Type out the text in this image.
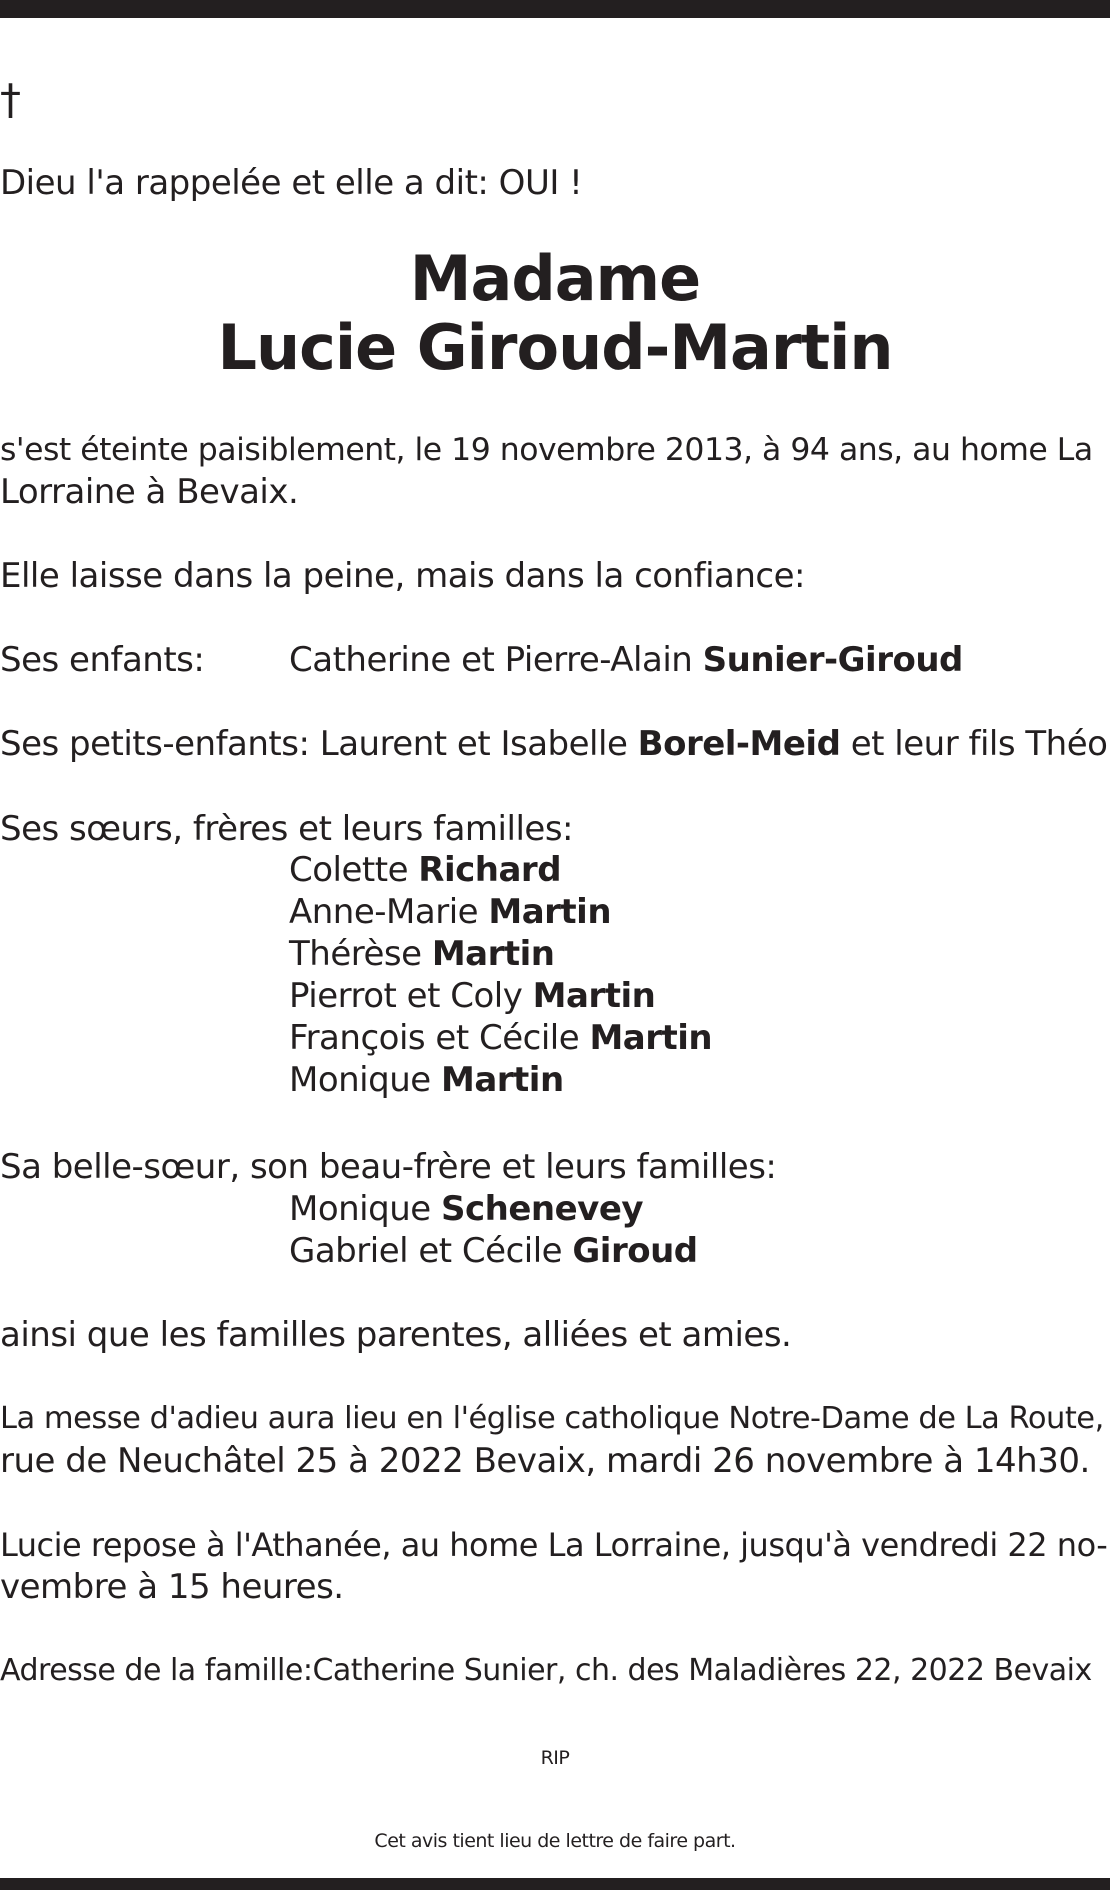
†
Dieu l'a rappelée et elle a dit: OUI !
Madame
Lucie Giroud-Martin
s'est éteinte paisiblement, le 19 novembre 2013, à 94 ans, au home La
Lorraine à Bevaix.
Elle laisse dans la peine, mais dans la confiance:
Ses enfants: Catherine et Pierre-Alain Sunier-Giroud
Ses petits-enfants: Laurent et Isabelle Borel-Meid et leur fils Théo
Ses sœurs, frères et leurs familles:
Colette Richard
Anne-Marie Martin
Thérèse Martin
Pierrot et Coly Martin
François et Cécile Martin
Monique Martin
Sa belle-sœur, son beau-frère et leurs familles:
Monique Schenevey
Gabriel et Cécile Giroud
ainsi que les familles parentes, alliées et amies.
La messe d'adieu aura lieu en l'église catholique Notre-Dame de La Route,
rue de Neuchâtel 25 à 2022 Bevaix, mardi 26 novembre à 14h30.
Lucie repose à l'Athanée, au home La Lorraine, jusqu'à vendredi 22 no-
vembre à 15 heures.
Adresse de la famille:Catherine Sunier, ch. des Maladières 22, 2022 Bevaix
RIP
Cet avis tient lieu de lettre de faire part.
